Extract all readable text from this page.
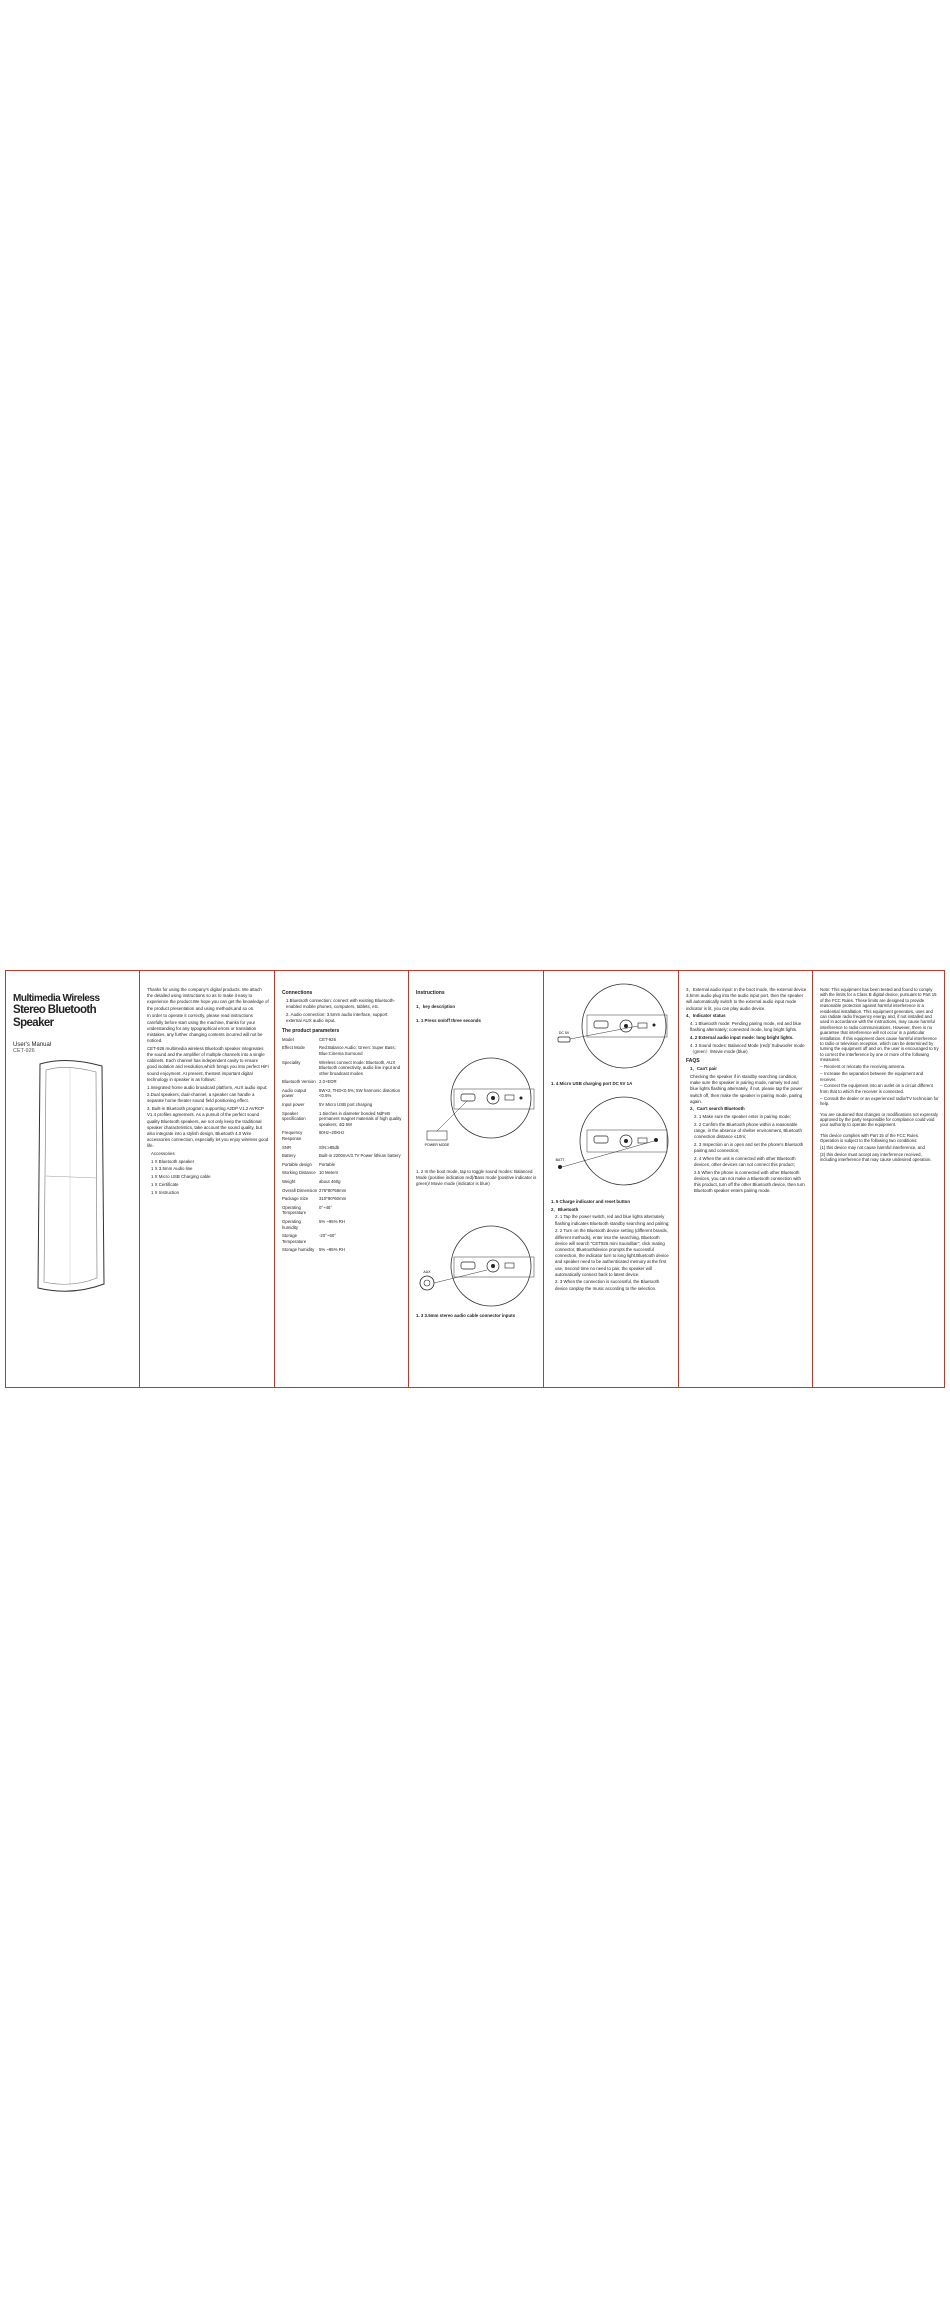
Multimedia Wireless
Stereo Bluetooth Speaker
User's Manual
CET-926

Thanks for using the company's digital products. We attach the detailed using instructions so as to make it easy to experience the product.We hope you can get the knowledge of the product presentation and using methods,and so on.

In order to operate it correctly, please read instructions carefully before start using the machine, thanks for your understanding for any typographical errors or translation mistakes, any further changing contents incurred will not be noticed.

CET-926 multimedia wireless Bluetooth speaker integreates the sound and the amplifier of multiple channels into a single cabinets. Each channel has independent cavity to ensure good isolation and resolution,which brings you into perfect HiFi sound enjoyment. At present, thestest important digital technology in speaker is as follows:

1.Integrated home audio broadcast platform, AUX audio input;

2.Dual speakers, dual-channel, a speaker can handle a separate home theater sound field positioning effect.

3. Built-in Bluetooth program; supporting A2DP V1.2 AVRCP V1.4 profiles agreement. As a pursuit of the perfect sound quality Bluetooth speakers, we not only keep the traditional speaker characteristics, take account the sound quality, but also integrate into a stylish design, Bluetooth 4.0 Wire accessories connection, especially let you enjoy wireless good life.

Accessories

1 X Bluetooth speaker

1 X 3.5mm Audio line

1 X Micro USB Charging cable

1 X Certificate

1 X Instruction

Connections

1.Bluetooth connection: connect with existing Bluetooth-enabled mobile phones, computers, tablets, etc.

2. Audio connection: 3.5mm audio interface, support external AUX audio input.

The product parameters

Model	CET-926
Effect Mode	Red:Balance Audio; Green: Super Bass; Blue:Cinema Surround
Speciality	Wireless connect mode: Bluetooth, AUX Bluetooth connectivity, audio line input and other broadcast modes
Bluetooth Version	2.0+EDR
Audio output power	5W×2, THD<0.5%; 5W harmonic distortion <0.5%
Input power	5V Micro USB port charging
Speaker specification	1.5inches in diameter bonded NdFeB permanent magnet materials of high quality speakers; 4Ω 5W
Frequency Response	80Hz~20KHz
SNR	S/N:≥85db
Battery	Built-in 2200mA/3.7V Power lithium battery
Portable design	Portable
Working Distance	10 Meters
Weight	about 460g
Overall Dimension	276*80*58mm
Package Size	310*90*60mm
Operating Temperature	0°~45°
Operating humidity	5% ~95% RH
Storage Temperature	-20°~60°
Storage humidity	5% ~95% RH

Instructions

1、key description

1. 1 Press on/off three seconds

POWER MODE

1. 2 In the boot mode, tap to toggle sound modes: Balanced Mode (positive indication red)/Bass mode (positive indicator is green)/ Movie mode (indicator is blue)

AUX

1. 3 3.5mm stereo audio cable connector inputs

DC 5V

1. 4 Micro USB charging port DC 5V 1A

BATT

1. 5 Charge indicator and reset button

2、Bluetooth

2. 1 Tap the power switch, red and blue lights alternately flashing indicates Bluetooth standby searching and pairing;

2. 2 Turn on the Bluetooth device setting (different brands, different methods), enter into the searching, Bluetooth device will search "CET926 mini Soundbar", click mating connector, Bluetoothdevice prompts the successful connection, the indicator turn to long light.Bluetooth device and speaker need to be authenticated memory at the first use, Second time no need to pair, the speaker will automatically connect back to latest device.

2. 3 When the connection is successful, the Bluetooth device canplay the music according to the selection.

3、External audio input: In the boot mode, the external device 3.5mm audio plug into the audio input port, then the speaker will automatically switch to the external audio input mode indicator is lit, you can play audio device.

4、Indicator status

4. 1 Bluetooth mode: Pending pairing mode, red and blue flashing alternately; connected mode, long bright lights.

4. 2 External audio input mode: long bright lights.

4. 3 Sound modes: Balanced Mode (red)/ Subwoofer mode（green）/Movie mode (blue)

FAQS

1、Can't pair

Checking the speaker if in standby searching condition, make sure the speaker in pairing mode, namely red and blue lights flashing alternately, if not, please tap the power switch off, then make the speaker in pairing mode, pairing again.

2、Can't search Bluetooth

2. 1 Make sure the speaker enter in pairing mode;

2. 2 Confirm the Bluetooth phone within a reasonable range, in the absence of shelter environment, Bluetooth connection distance ≤10m;

2. 3 Inspection on is open and set the phone's Bluetooth pairing and connection;

2. 4 When the unit is connected with other Bluetooth devices, other devices can not connect this product;

2.5 When the phone is connected with other Bluetooth devices, you can not make a Bluetooth connection with this product, turn off the other Bluetooth device, then turn Bluetooth speaker enters pairing mode.

Note: This equipment has been tested and found to comply with the limits for a Class B digital device, pursuant to Part 15 of the FCC Rules. These limits are designed to provide reasonable protection against harmful interference in a residential installation. This equipment generates, uses and can radiate radio frequency energy and, if not installed and used in accordance with the instructions, may cause harmful interference to radio communications. However, there is no guarantee that interference will not occur in a particular installation. If this equipment does cause harmful interference to radio or television reception, which can be determined by turning the equipment off and on, the user is encouraged to try to correct the interference by one or more of the following measures:

-- Reorient or relocate the receiving antenna.

-- Increase the separation between the equipment and receiver.

-- Connect the equipment into an outlet on a circuit different from that to which the receiver is connected.

-- Consult the dealer or an experienced radio/TV technician for help.

You are cautioned that changes or modifications not expressly approved by the party responsible for compliance could void your authority to operate the equipment.

This device complies with Part 15 of the FCC Rules. Operation is subject to the following two conditions:

(1) this device may not cause harmful interference, and

(2) this device must accept any interference received, including interference that may cause undesired operation.
